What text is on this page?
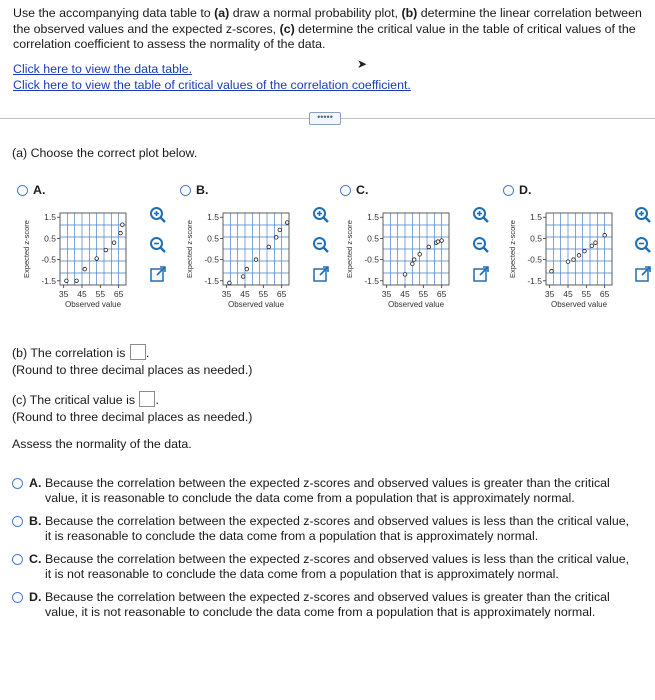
Use the accompanying data table to (a) draw a normal probability plot, (b) determine the linear correlation between the observed values and the expected z-scores, (c) determine the critical value in the table of critical values of the correlation coefficient to assess the normality of the data.
Click here to view the data table.
Click here to view the table of critical values of the correlation coefficient.
➤
•••••
(a) Choose the correct plot below.
A.	B.	C.	D.
1.5
0.5
-0.5
-1.5
35 45 55 65
Observed value
Expected z-score
1.5
0.5
-0.5
-1.5
35 45 55 65
Observed value
Expected z-score
1.5
0.5
-0.5
-1.5
35 45 55 65
Observed value
Expected z-score
1.5
0.5
-0.5
-1.5
35 45 55 65
Observed value
Expected z-score
(b) The correlation is .
(Round to three decimal places as needed.)
(c) The critical value is .
(Round to three decimal places as needed.)
Assess the normality of the data.
A. Because the correlation between the expected z-scores and observed values is greater than the critical value, it is reasonable to conclude the data come from a population that is approximately normal.
B. Because the correlation between the expected z-scores and observed values is less than the critical value, it is reasonable to conclude the data come from a population that is approximately normal.
C. Because the correlation between the expected z-scores and observed values is less than the critical value, it is not reasonable to conclude the data come from a population that is approximately normal.
D. Because the correlation between the expected z-scores and observed values is greater than the critical value, it is not reasonable to conclude the data come from a population that is approximately normal.
